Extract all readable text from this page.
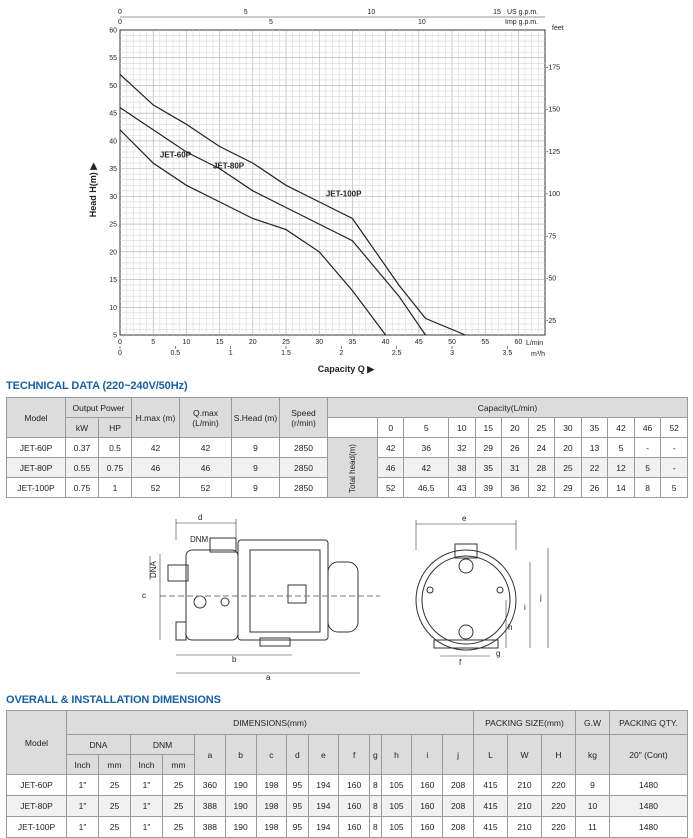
0	5	10	15	20	25	30	35	40	45	50	55	60
0	0.5	1	1.5	2	2.5	3	3.5
0	5	10	15
0	5	10
5
10
15
20
25
30
35
40
45
50
55
60
-25
-50
-75
-100
-125
-150
-175
JET-60P
JET-80P
JET-100P
Head H(m) ▶
Capacity Q ▶
US g.p.m.
Imp g.p.m.
feet
L/min
m³/h
TECHNICAL DATA (220~240V/50Hz)
Model	Output Power		H.max (m)	Q.max (L/min)	S.Head (m)	Speed (r/min)	Capacity(L/min)											
	kW	HP						0	5	10	15	20	25	30	35	42	46	52
JET-60P	0.37	0.5	42	42	9	2850	Total head(m)	42	36	32	29	26	24	20	13	5	-	-
JET-80P	0.55	0.75	46	46	9	2850		46	42	38	35	31	28	25	22	12	5	-
JET-100P	0.75	1	52	52	9	2850		52	46.5	43	39	36	32	29	26	14	8	5
d
DNM
DNA
c
b
a
e
j
i
h
f
g
OVERALL & INSTALLATION DIMENSIONS
Model	DIMENSIONS(mm)														PACKING SIZE(mm)			G.W	PACKING QTY.
	DNA		DNM		a	b	c	d	e	f	g	h	i	j	L	W	H	kg	20" (Cont)
	Inch	mm	Inch	mm															
JET-60P	1"	25	1"	25	360	190	198	95	194	160	8	105	160	208	415	210	220	9	1480
JET-80P	1"	25	1"	25	388	190	198	95	194	160	8	105	160	208	415	210	220	10	1480
JET-100P	1"	25	1"	25	388	190	198	95	194	160	8	105	160	208	415	210	220	11	1480
